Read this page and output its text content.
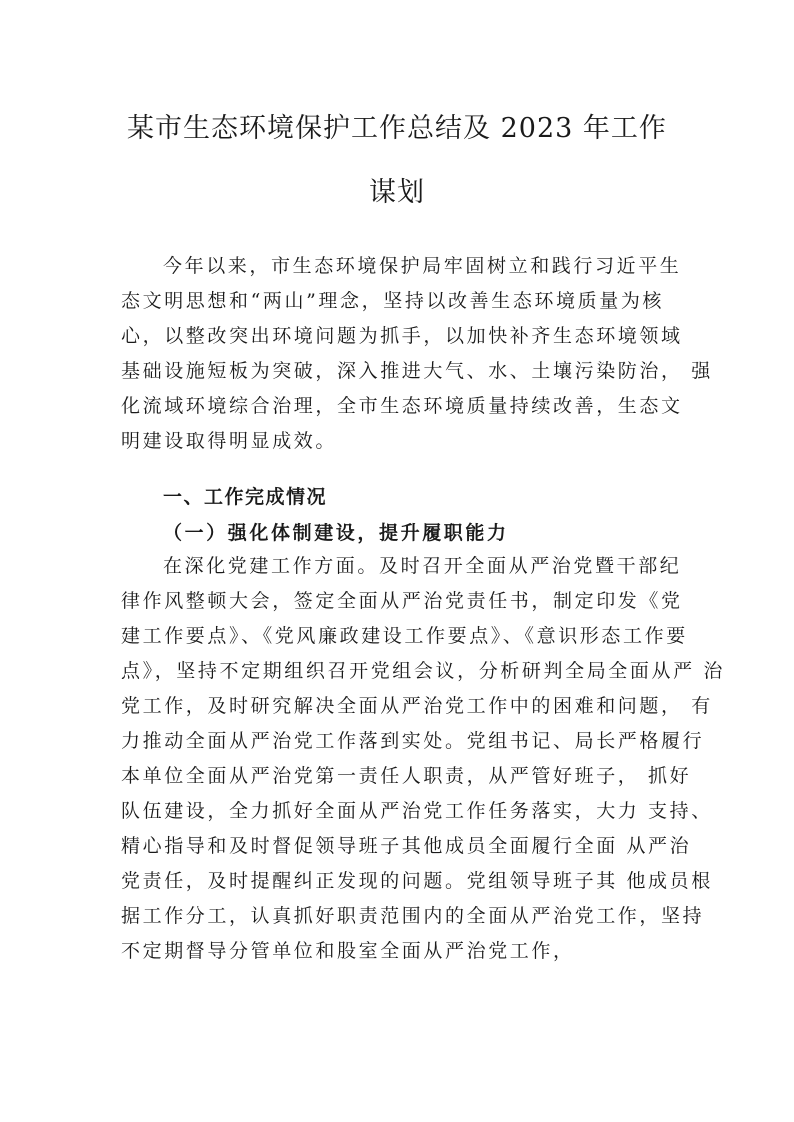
某市生态环境保护工作总结及 2023 年工作
谋划
今年以来，市生态环境保护局牢固树立和践行习近平生
态文明思想和“两山”理念，坚持以改善生态环境质量为核
心，以整改突出环境问题为抓手，以加快补齐生态环境领域
基础设施短板为突破，深入推进大气、水、土壤污染防治， 强
化流域环境综合治理，全市生态环境质量持续改善，生态文
明建设取得明显成效。
一、工作完成情况
（一）强化体制建设，提升履职能力
在深化党建工作方面。及时召开全面从严治党暨干部纪
律作风整顿大会，签定全面从严治党责任书，制定印发《党
建工作要点》、《党风廉政建设工作要点》、《意识形态工作要
点》，坚持不定期组织召开党组会议，分析研判全局全面从严 治
党工作，及时研究解决全面从严治党工作中的困难和问题， 有
力推动全面从严治党工作落到实处。党组书记、局长严格履行
本单位全面从严治党第一责任人职责，从严管好班子， 抓好
队伍建设，全力抓好全面从严治党工作任务落实，大力 支持、
精心指导和及时督促领导班子其他成员全面履行全面 从严治
党责任，及时提醒纠正发现的问题。党组领导班子其 他成员根
据工作分工，认真抓好职责范围内的全面从严治党工作，坚持
不定期督导分管单位和股室全面从严治党工作，
